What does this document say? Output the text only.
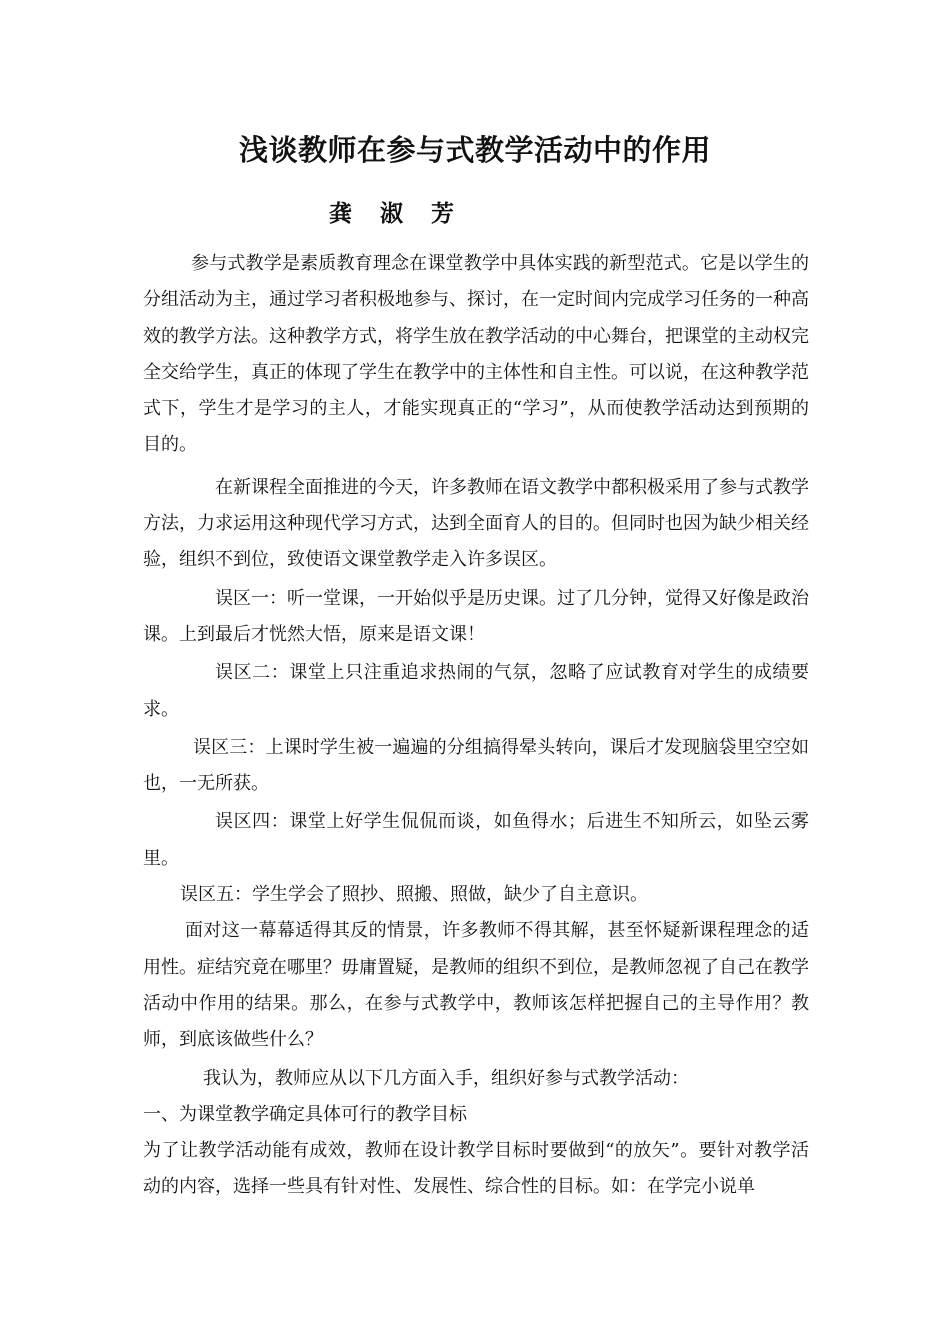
浅谈教师在参与式教学活动中的作用
龚 淑 芳

参与式教学是素质教育理念在课堂教学中具体实践的新型范式。它是以学生的分组活动为主，通过学习者积极地参与、探讨，在一定时间内完成学习任务的一种高效的教学方法。这种教学方式，将学生放在教学活动的中心舞台，把课堂的主动权完全交给学生，真正的体现了学生在教学中的主体性和自主性。可以说，在这种教学范式下，学生才是学习的主人，才能实现真正的“学习”，从而使教学活动达到预期的目的。

在新课程全面推进的今天，许多教师在语文教学中都积极采用了参与式教学方法，力求运用这种现代学习方式，达到全面育人的目的。但同时也因为缺少相关经验，组织不到位，致使语文课堂教学走入许多误区。

误区一：听一堂课，一开始似乎是历史课。过了几分钟，觉得又好像是政治课。上到最后才恍然大悟，原来是语文课！

误区二：课堂上只注重追求热闹的气氛，忽略了应试教育对学生的成绩要求。

误区三：上课时学生被一遍遍的分组搞得晕头转向，课后才发现脑袋里空空如也，一无所获。

误区四：课堂上好学生侃侃而谈，如鱼得水；后进生不知所云，如坠云雾里。

误区五：学生学会了照抄、照搬、照做，缺少了自主意识。

面对这一幕幕适得其反的情景，许多教师不得其解，甚至怀疑新课程理念的适用性。症结究竟在哪里？毋庸置疑，是教师的组织不到位，是教师忽视了自己在教学活动中作用的结果。那么，在参与式教学中，教师该怎样把握自己的主导作用？教师，到底该做些什么？

我认为，教师应从以下几方面入手，组织好参与式教学活动：

一、为课堂教学确定具体可行的教学目标

为了让教学活动能有成效，教师在设计教学目标时要做到“的放矢”。要针对教学活动的内容，选择一些具有针对性、发展性、综合性的目标。如：在学完小说单
